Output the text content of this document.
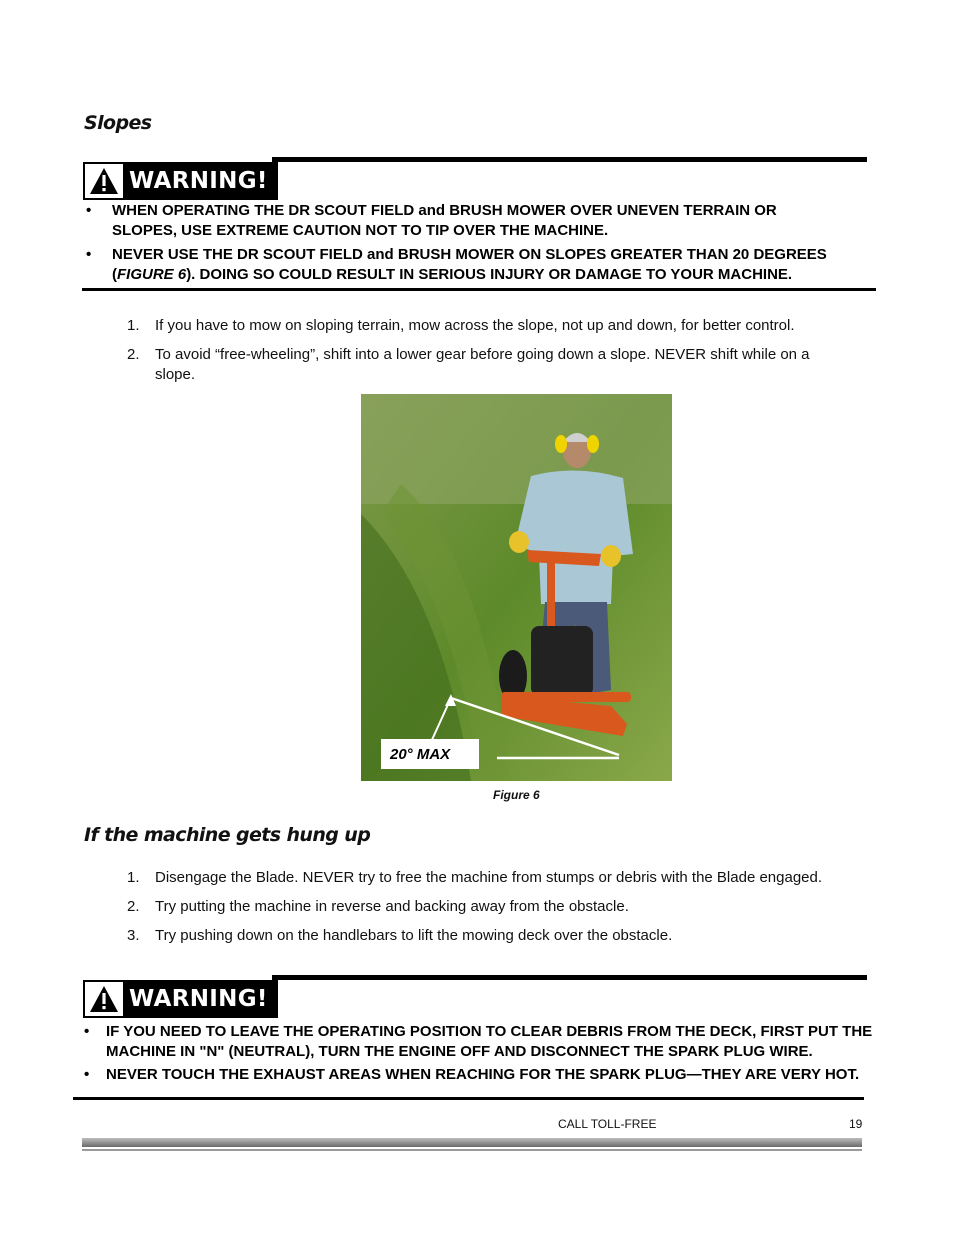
Slopes
WARNING!
• WHEN OPERATING THE DR SCOUT FIELD and BRUSH MOWER OVER UNEVEN TERRAIN OR
SLOPES, USE EXTREME CAUTION NOT TO TIP OVER THE MACHINE.
• NEVER USE THE DR SCOUT FIELD and BRUSH MOWER ON SLOPES GREATER THAN 20 DEGREES
(FIGURE 6). DOING SO COULD RESULT IN SERIOUS INJURY OR DAMAGE TO YOUR MACHINE.
1. If you have to mow on sloping terrain, mow across the slope, not up and down, for better control.
2. To avoid “free-wheeling”, shift into a lower gear before going down a slope. NEVER shift while on a
slope.
20° MAX
Figure 6
If the machine gets hung up
1. Disengage the Blade. NEVER try to free the machine from stumps or debris with the Blade engaged.
2. Try putting the machine in reverse and backing away from the obstacle.
3. Try pushing down on the handlebars to lift the mowing deck over the obstacle.
WARNING!
• IF YOU NEED TO LEAVE THE OPERATING POSITION TO CLEAR DEBRIS FROM THE DECK, FIRST PUT THE
MACHINE IN "N" (NEUTRAL), TURN THE ENGINE OFF AND DISCONNECT THE SPARK PLUG WIRE.
• NEVER TOUCH THE EXHAUST AREAS WHEN REACHING FOR THE SPARK PLUG—THEY ARE VERY HOT.
CALL TOLL-FREE	19
